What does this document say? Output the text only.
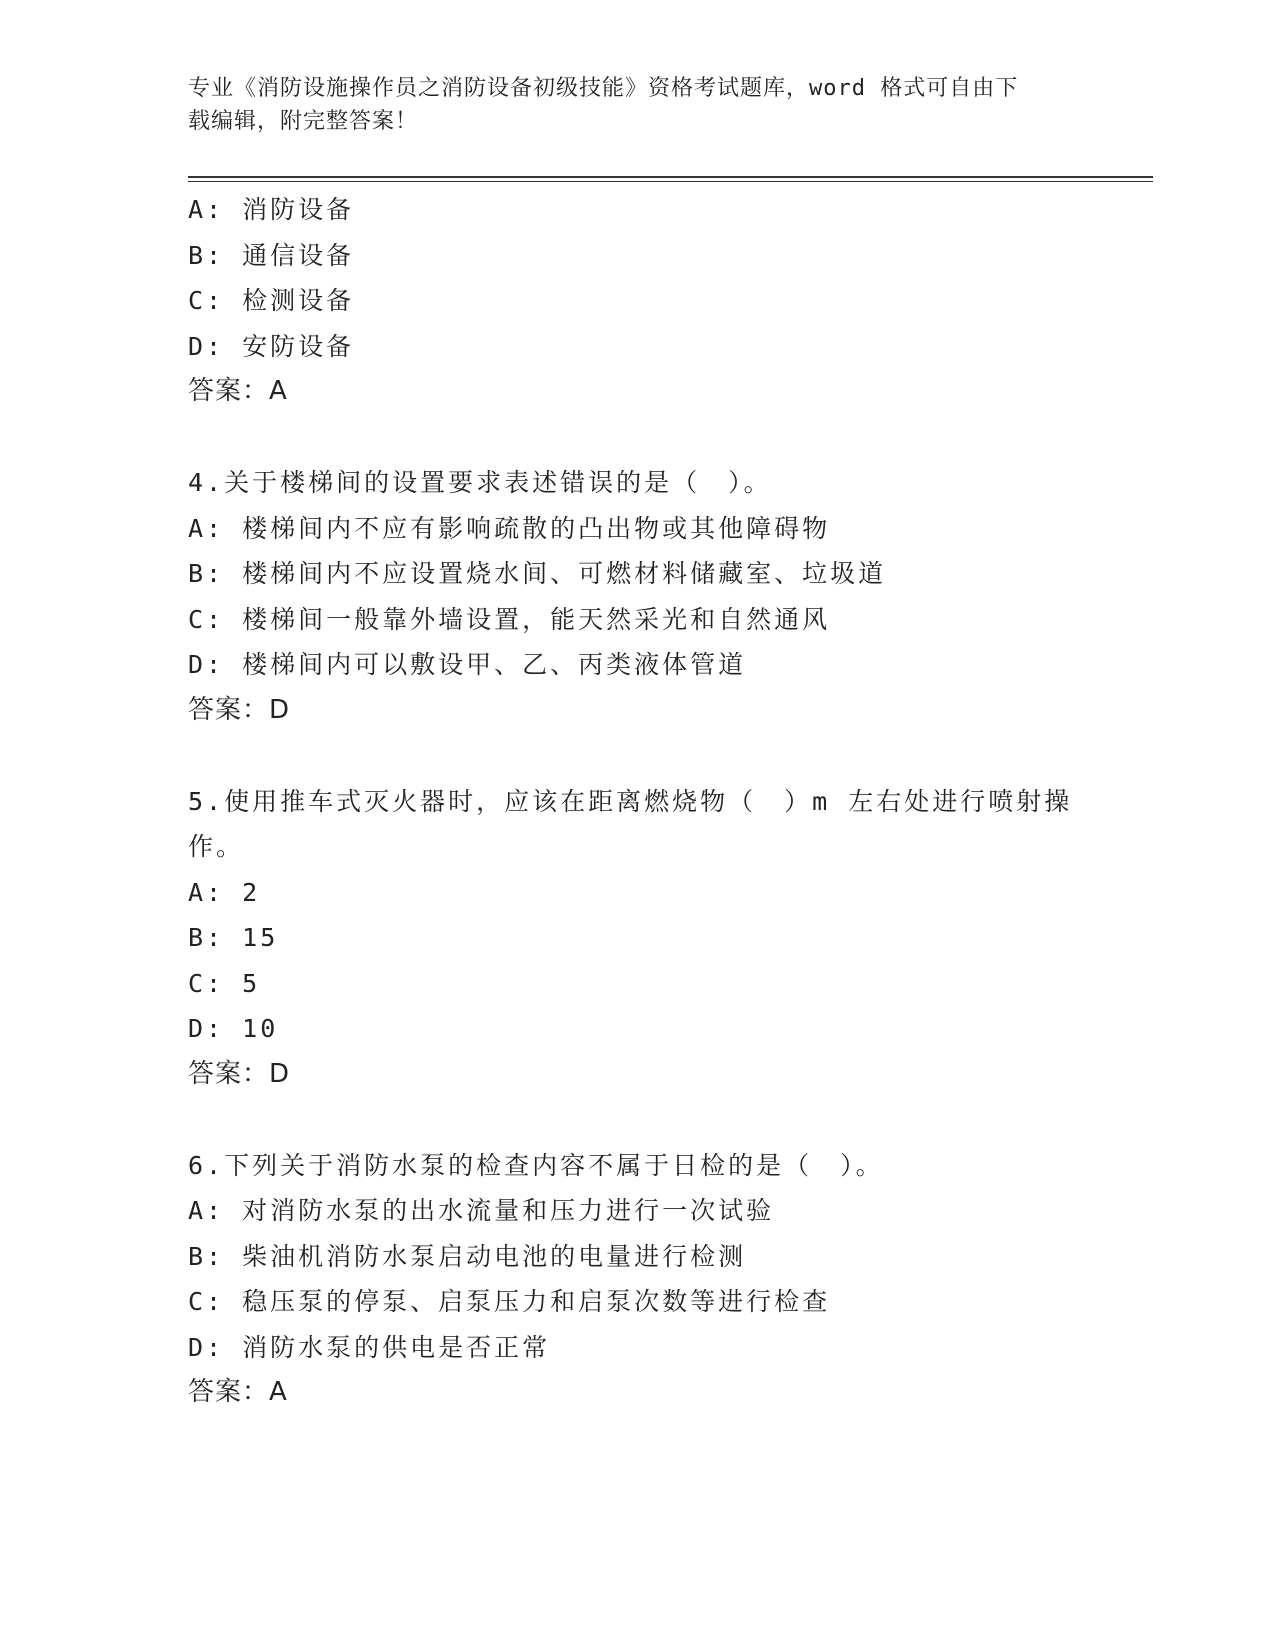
专业《消防设施操作员之消防设备初级技能》资格考试题库，word 格式可自由下
载编辑，附完整答案！
A: 消防设备
B: 通信设备
C: 检测设备
D: 安防设备
答案：A
4.关于楼梯间的设置要求表述错误的是（　）。
A: 楼梯间内不应有影响疏散的凸出物或其他障碍物
B: 楼梯间内不应设置烧水间、可燃材料储藏室、垃圾道
C: 楼梯间一般靠外墙设置，能天然采光和自然通风
D: 楼梯间内可以敷设甲、乙、丙类液体管道
答案：D
5.使用推车式灭火器时，应该在距离燃烧物（　）m 左右处进行喷射操
作。
A: 2
B: 15
C: 5
D: 10
答案：D
6.下列关于消防水泵的检查内容不属于日检的是（　）。
A: 对消防水泵的出水流量和压力进行一次试验
B: 柴油机消防水泵启动电池的电量进行检测
C: 稳压泵的停泵、启泵压力和启泵次数等进行检查
D: 消防水泵的供电是否正常
答案：A
